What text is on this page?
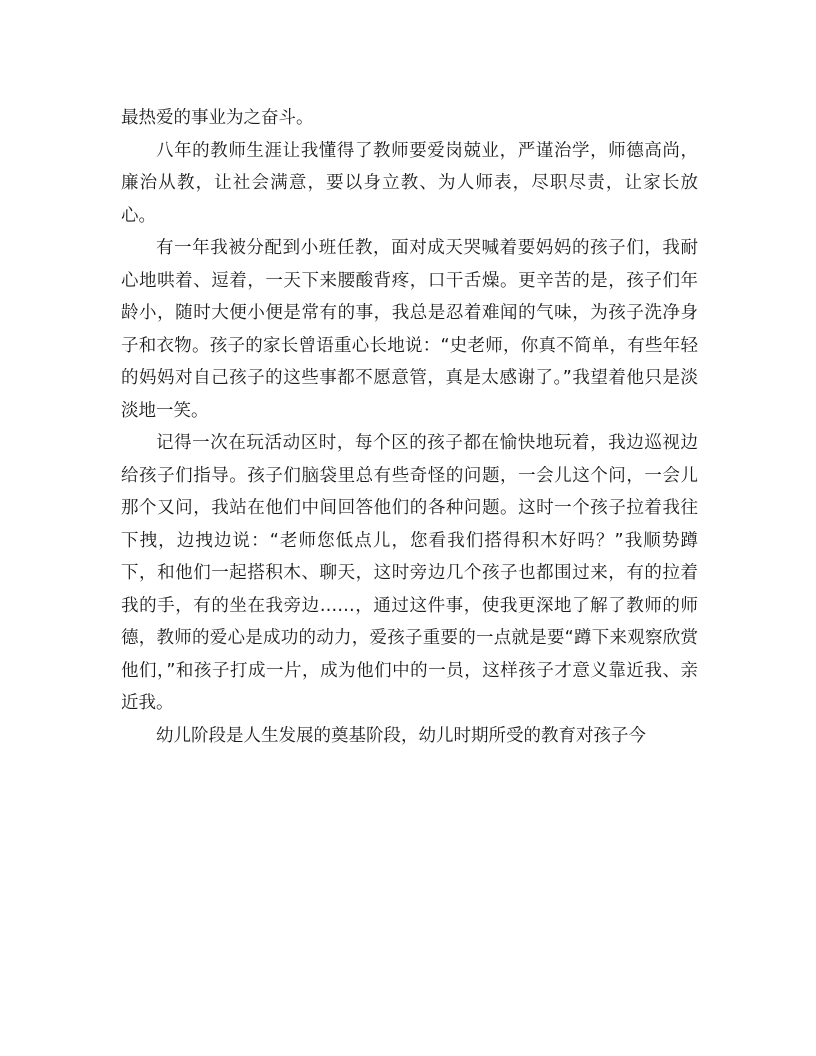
最热爱的事业为之奋斗。

八年的教师生涯让我懂得了教师要爱岗兢业，严谨治学，师德高尚，廉治从教，让社会满意，要以身立教、为人师表，尽职尽责，让家长放心。

有一年我被分配到小班任教，面对成天哭喊着要妈妈的孩子们，我耐心地哄着、逗着，一天下来腰酸背疼，口干舌燥。更辛苦的是，孩子们年龄小，随时大便小便是常有的事，我总是忍着难闻的气味，为孩子洗净身子和衣物。孩子的家长曾语重心长地说：“史老师，你真不简单，有些年轻的妈妈对自己孩子的这些事都不愿意管，真是太感谢了。”我望着他只是淡淡地一笑。

记得一次在玩活动区时，每个区的孩子都在愉快地玩着，我边巡视边给孩子们指导。孩子们脑袋里总有些奇怪的问题，一会儿这个问，一会儿那个又问，我站在他们中间回答他们的各种问题。这时一个孩子拉着我往下拽，边拽边说：“老师您低点儿，您看我们搭得积木好吗？”我顺势蹲下，和他们一起搭积木、聊天，这时旁边几个孩子也都围过来，有的拉着我的手，有的坐在我旁边……，通过这件事，使我更深地了解了教师的师德，教师的爱心是成功的动力，爱孩子重要的一点就是要“蹲下来观察欣赏他们，”和孩子打成一片，成为他们中的一员，这样孩子才意义靠近我、亲近我。

幼儿阶段是人生发展的奠基阶段，幼儿时期所受的教育对孩子今
